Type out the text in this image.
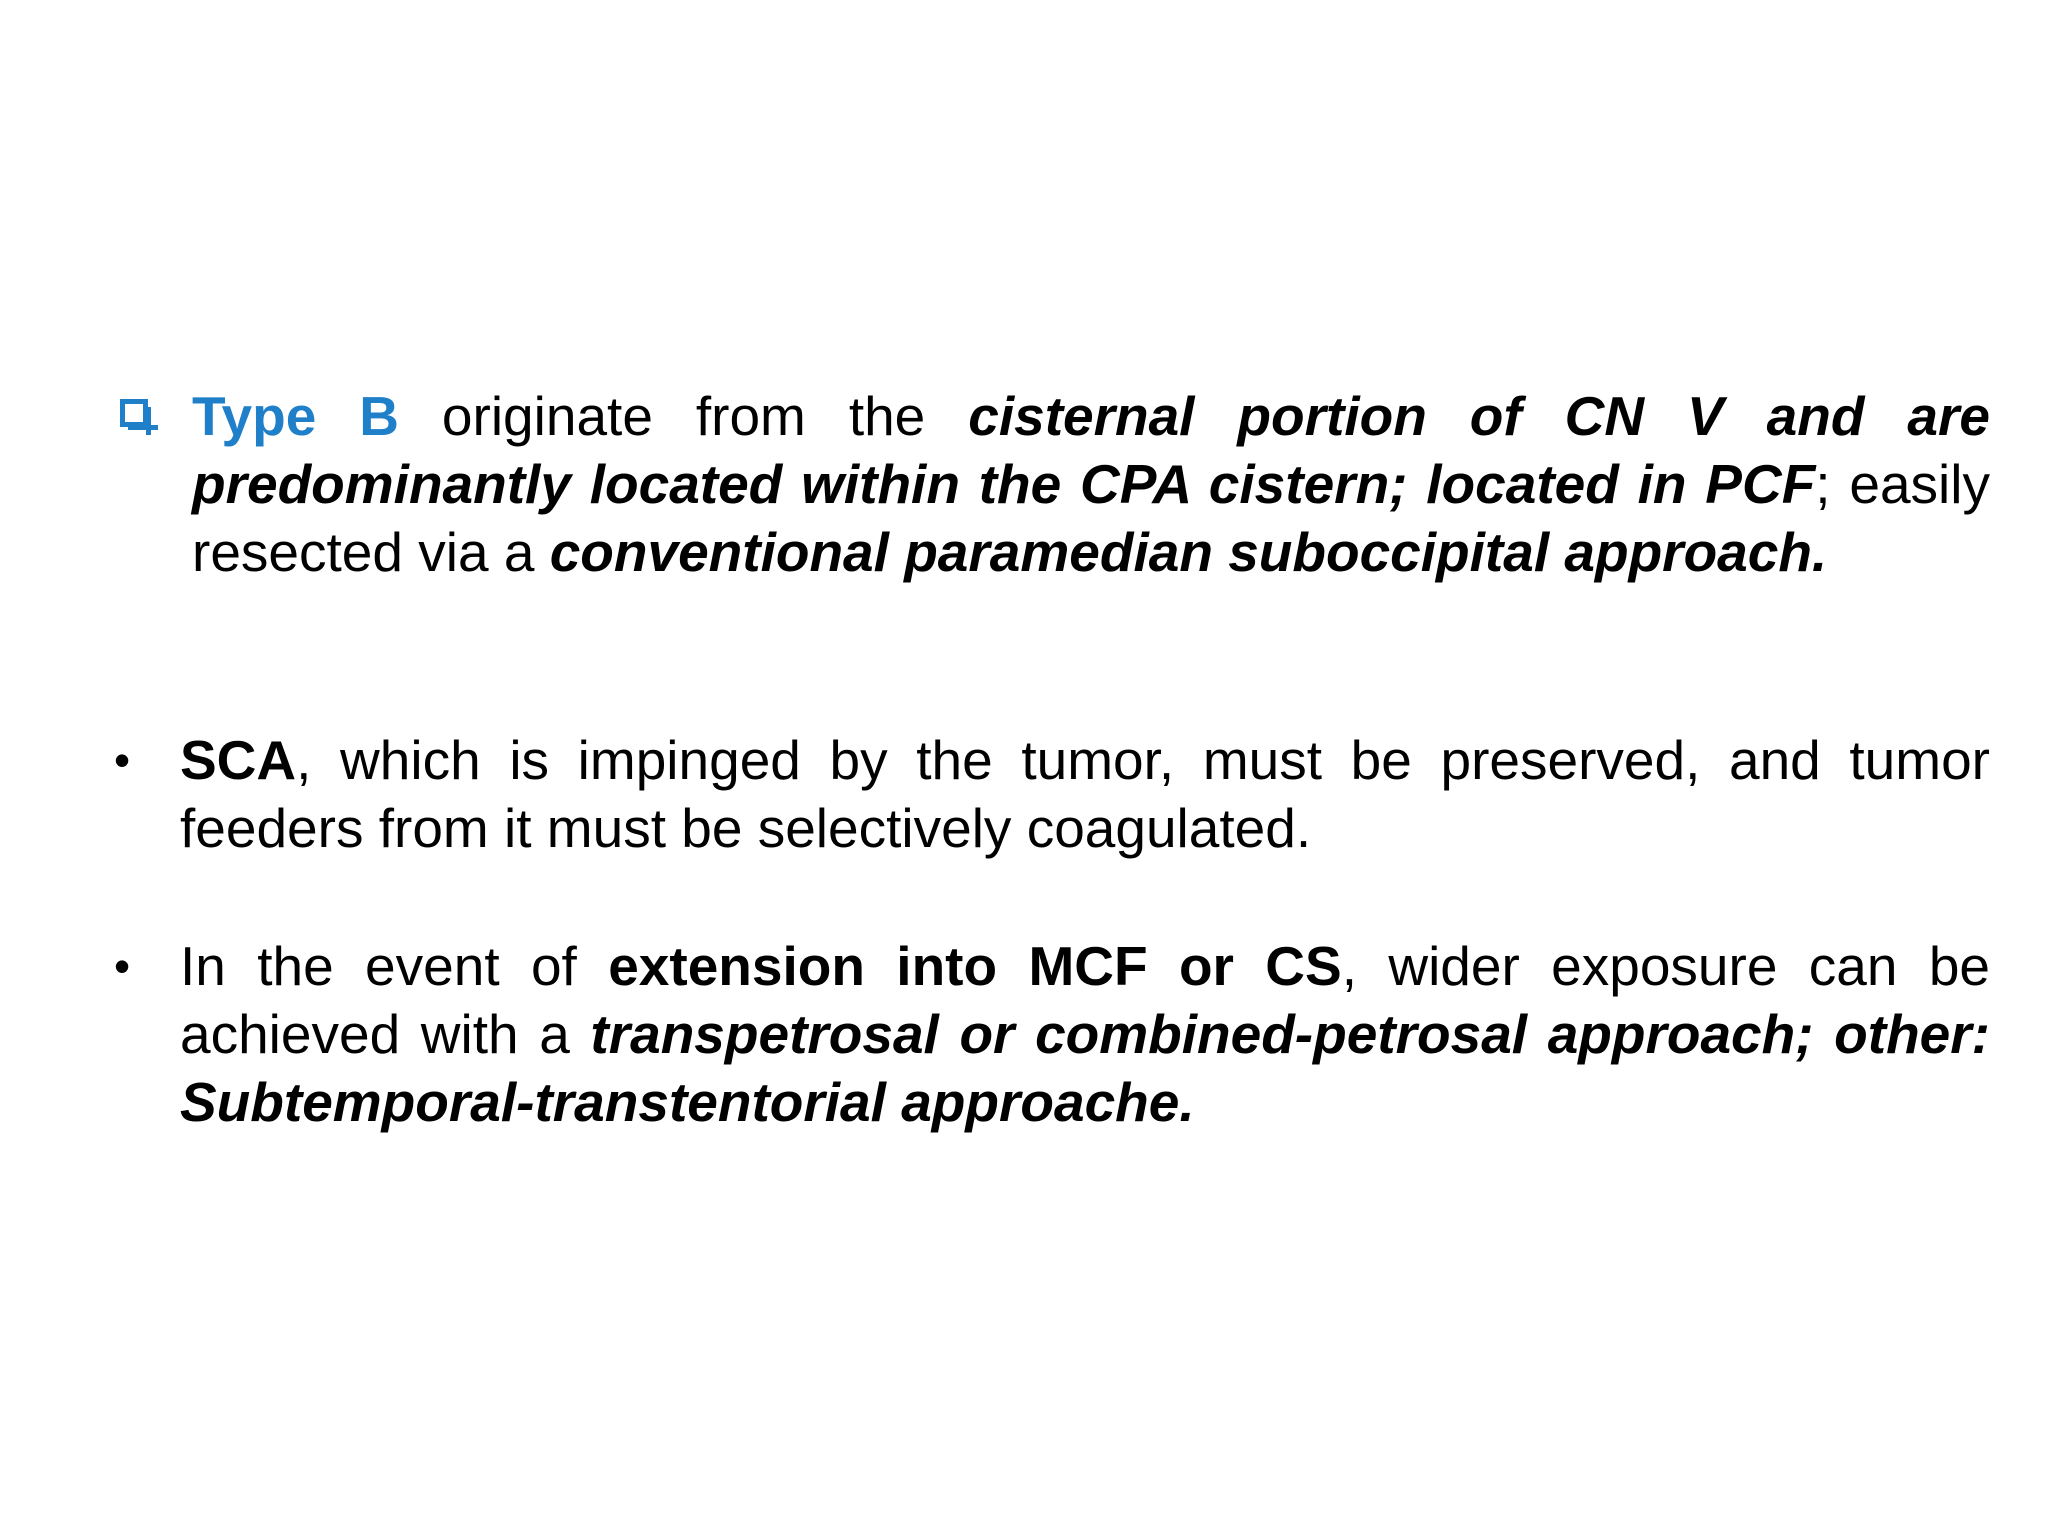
Type B originate from the cisternal portion of CN V and are predominantly located within the CPA cistern; located in PCF; easily resected via a conventional paramedian suboccipital approach.
• SCA, which is impinged by the tumor, must be preserved, and tumor feeders from it must be selectively coagulated.
• In the event of extension into MCF or CS, wider exposure can be achieved with a transpetrosal or combined-petrosal approach; other: Subtemporal-transtentorial approache.
